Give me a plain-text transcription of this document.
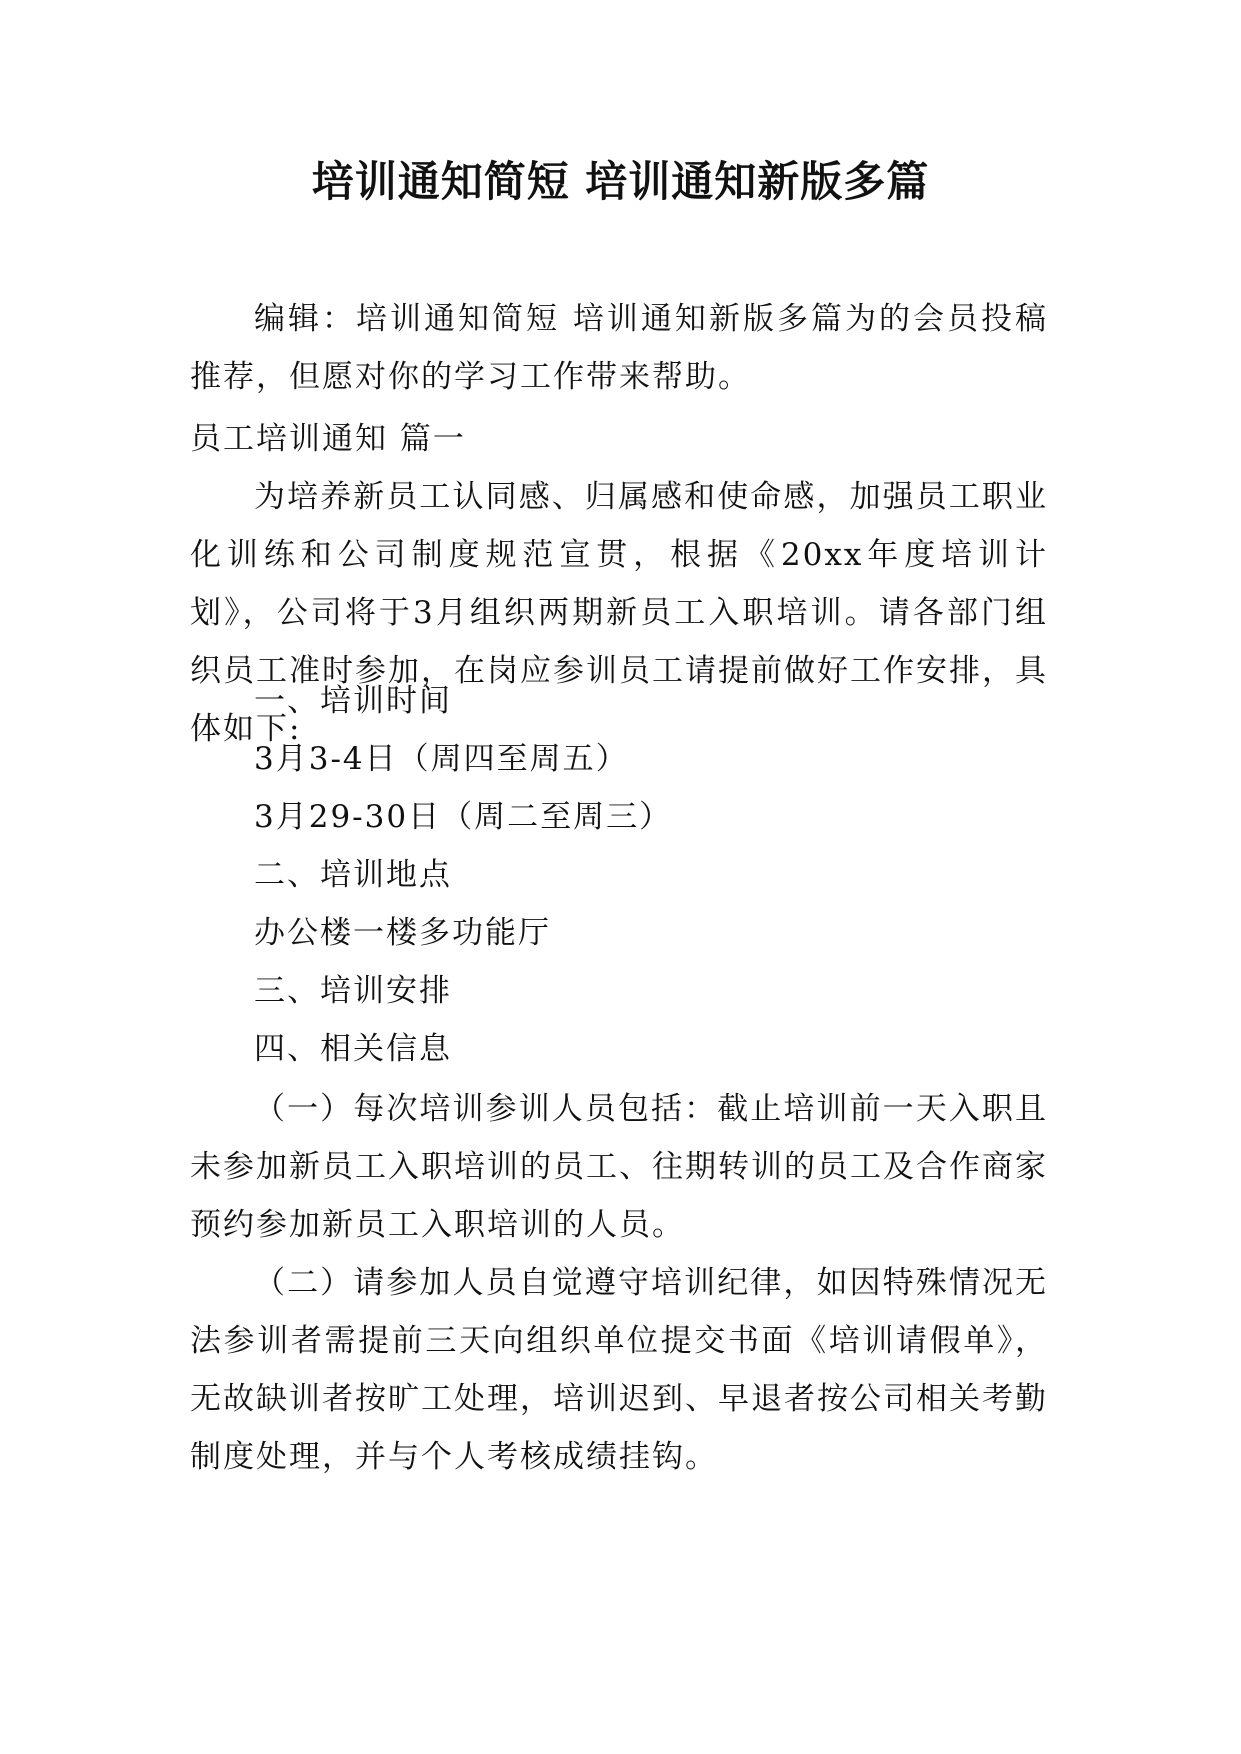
培训通知简短 培训通知新版多篇

编辑：培训通知简短 培训通知新版多篇为的会员投稿推荐，但愿对你的学习工作带来帮助。

员工培训通知 篇一

为培养新员工认同感、归属感和使命感，加强员工职业化训练和公司制度规范宣贯，根据《20xx年度培训计划》，公司将于3月组织两期新员工入职培训。请各部门组织员工准时参加，在岗应参训员工请提前做好工作安排，具体如下:

一、培训时间
3月3-4日（周四至周五）
3月29-30日（周二至周三）
二、培训地点
办公楼一楼多功能厅
三、培训安排
四、相关信息

（一）每次培训参训人员包括：截止培训前一天入职且未参加新员工入职培训的员工、往期转训的员工及合作商家预约参加新员工入职培训的人员。

（二）请参加人员自觉遵守培训纪律，如因特殊情况无法参训者需提前三天向组织单位提交书面《培训请假单》，无故缺训者按旷工处理，培训迟到、早退者按公司相关考勤制度处理，并与个人考核成绩挂钩。
